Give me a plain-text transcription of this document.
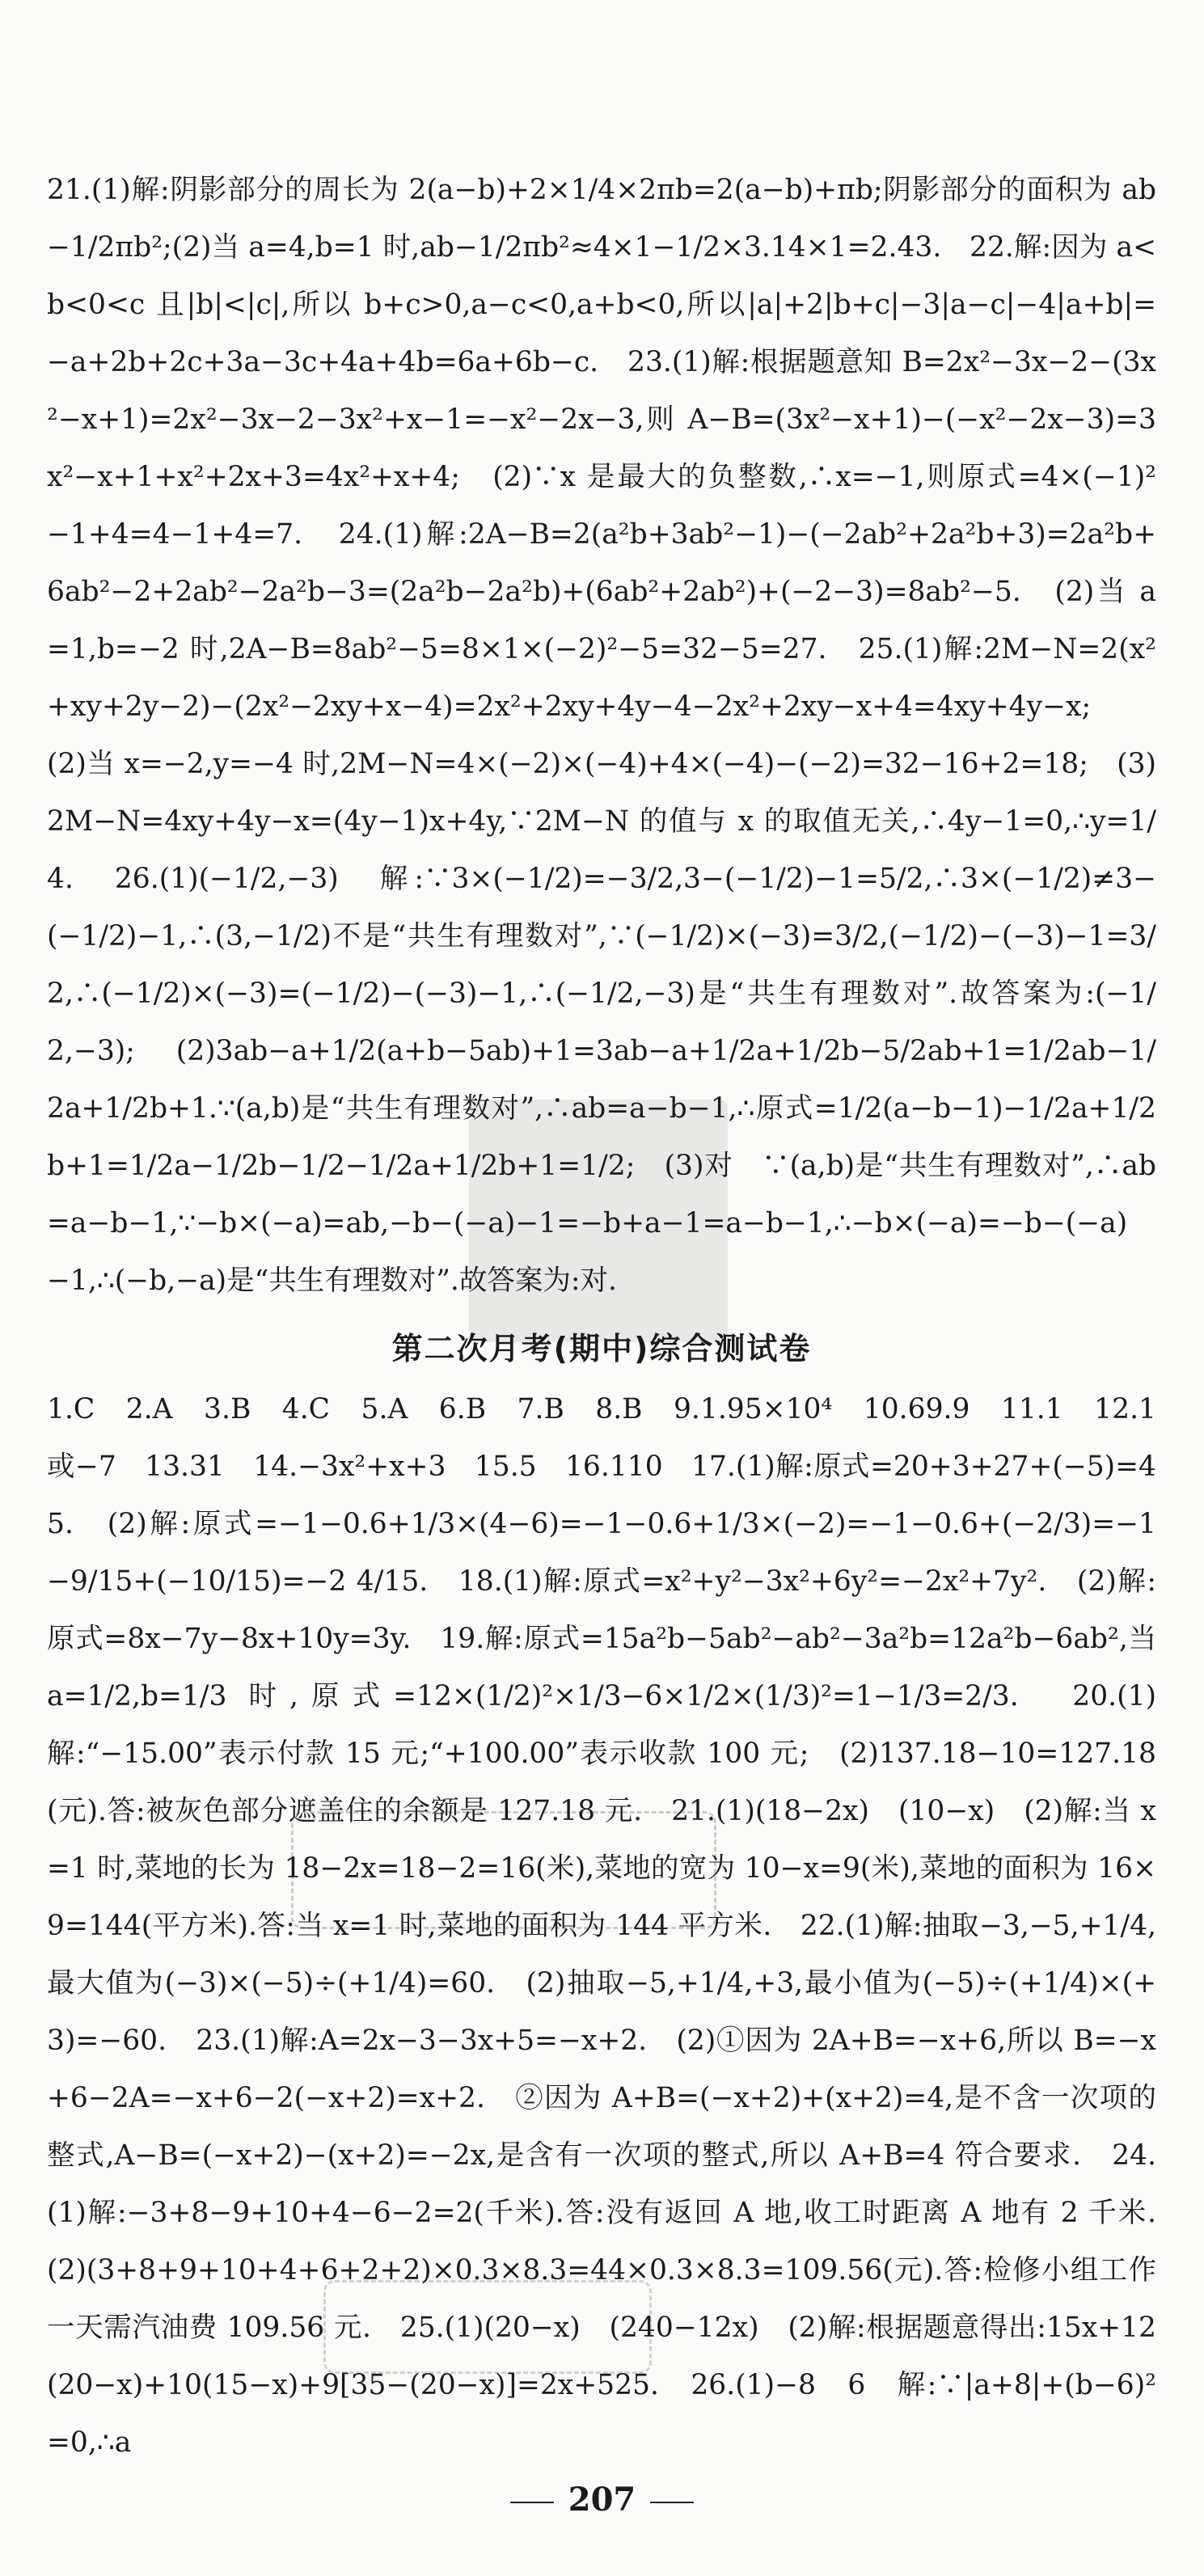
21.(1)解:阴影部分的周长为 2(a−b)+2×1/4×2πb=2(a−b)+πb;阴影部分的面积为 ab−1/2πb²;(2)当 a=4,b=1 时,ab−1/2πb²≈4×1−1/2×3.14×1=2.43.　22.解:因为 a<b<0<c 且|b|<|c|,所以 b+c>0,a−c<0,a+b<0,所以|a|+2|b+c|−3|a−c|−4|a+b|=−a+2b+2c+3a−3c+4a+4b=6a+6b−c.　23.(1)解:根据题意知 B=2x²−3x−2−(3x²−x+1)=2x²−3x−2−3x²+x−1=−x²−2x−3,则 A−B=(3x²−x+1)−(−x²−2x−3)=3x²−x+1+x²+2x+3=4x²+x+4;　(2)∵x 是最大的负整数,∴x=−1,则原式=4×(−1)²−1+4=4−1+4=7.　24.(1)解:2A−B=2(a²b+3ab²−1)−(−2ab²+2a²b+3)=2a²b+6ab²−2+2ab²−2a²b−3=(2a²b−2a²b)+(6ab²+2ab²)+(−2−3)=8ab²−5.　(2)当 a=1,b=−2 时,2A−B=8ab²−5=8×1×(−2)²−5=32−5=27.　25.(1)解:2M−N=2(x²+xy+2y−2)−(2x²−2xy+x−4)=2x²+2xy+4y−4−2x²+2xy−x+4=4xy+4y−x;　(2)当 x=−2,y=−4 时,2M−N=4×(−2)×(−4)+4×(−4)−(−2)=32−16+2=18;　(3)2M−N=4xy+4y−x=(4y−1)x+4y,∵2M−N 的值与 x 的取值无关,∴4y−1=0,∴y=1/4.　26.(1)(−1/2,−3)　解:∵3×(−1/2)=−3/2,3−(−1/2)−1=5/2,∴3×(−1/2)≠3−(−1/2)−1,∴(3,−1/2)不是“共生有理数对”,∵(−1/2)×(−3)=3/2,(−1/2)−(−3)−1=3/2,∴(−1/2)×(−3)=(−1/2)−(−3)−1,∴(−1/2,−3)是“共生有理数对”.故答案为:(−1/2,−3);　(2)3ab−a+1/2(a+b−5ab)+1=3ab−a+1/2a+1/2b−5/2ab+1=1/2ab−1/2a+1/2b+1.∵(a,b)是“共生有理数对”,∴ab=a−b−1,∴原式=1/2(a−b−1)−1/2a+1/2b+1=1/2a−1/2b−1/2−1/2a+1/2b+1=1/2;　(3)对　∵(a,b)是“共生有理数对”,∴ab=a−b−1,∵−b×(−a)=ab,−b−(−a)−1=−b+a−1=a−b−1,∴−b×(−a)=−b−(−a)−1,∴(−b,−a)是“共生有理数对”.故答案为:对.

第二次月考(期中)综合测试卷

1.C　2.A　3.B　4.C　5.A　6.B　7.B　8.B　9.1.95×10⁴　10.69.9　11.1　12.1 或−7　13.31　14.−3x²+x+3　15.5　16.110　17.(1)解:原式=20+3+27+(−5)=45.　(2)解:原式=−1−0.6+1/3×(4−6)=−1−0.6+1/3×(−2)=−1−0.6+(−2/3)=−1−9/15+(−10/15)=−2 4/15.　18.(1)解:原式=x²+y²−3x²+6y²=−2x²+7y².　(2)解:原式=8x−7y−8x+10y=3y.　19.解:原式=15a²b−5ab²−ab²−3a²b=12a²b−6ab²,当 a=1/2,b=1/3 时,原式=12×(1/2)²×1/3−6×1/2×(1/3)²=1−1/3=2/3.　20.(1)解:“−15.00”表示付款 15 元;“+100.00”表示收款 100 元;　(2)137.18−10=127.18(元).答:被灰色部分遮盖住的余额是 127.18 元.　21.(1)(18−2x)　(10−x)　(2)解:当 x=1 时,菜地的长为 18−2x=18−2=16(米),菜地的宽为 10−x=9(米),菜地的面积为 16×9=144(平方米).答:当 x=1 时,菜地的面积为 144 平方米.　22.(1)解:抽取−3,−5,+1/4,最大值为(−3)×(−5)÷(+1/4)=60.　(2)抽取−5,+1/4,+3,最小值为(−5)÷(+1/4)×(+3)=−60.　23.(1)解:A=2x−3−3x+5=−x+2.　(2)①因为 2A+B=−x+6,所以 B=−x+6−2A=−x+6−2(−x+2)=x+2.　②因为 A+B=(−x+2)+(x+2)=4,是不含一次项的整式,A−B=(−x+2)−(x+2)=−2x,是含有一次项的整式,所以 A+B=4 符合要求.　24.(1)解:−3+8−9+10+4−6−2=2(千米).答:没有返回 A 地,收工时距离 A 地有 2 千米.　(2)(3+8+9+10+4+6+2+2)×0.3×8.3=44×0.3×8.3=109.56(元).答:检修小组工作一天需汽油费 109.56 元.　25.(1)(20−x)　(240−12x)　(2)解:根据题意得出:15x+12(20−x)+10(15−x)+9[35−(20−x)]=2x+525.　26.(1)−8　6　解:∵|a+8|+(b−6)²=0,∴a

207
